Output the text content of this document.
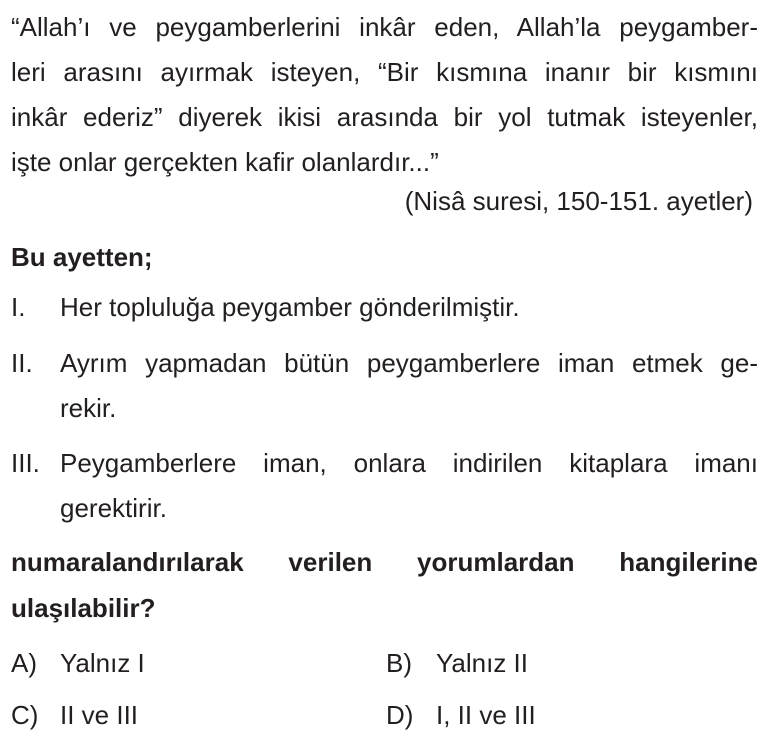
“Allah’ı ve peygamberlerini inkâr eden, Allah’la peygamber-
leri arasını ayırmak isteyen, “Bir kısmına inanır bir kısmını
inkâr ederiz” diyerek ikisi arasında bir yol tutmak isteyenler,
işte onlar gerçekten kafir olanlardır...”
(Nisâ suresi, 150-151. ayetler)
Bu ayetten;
I. Her topluluğa peygamber gönderilmiştir.
II. Ayrım yapmadan bütün peygamberlere iman etmek ge-
rekir.
III. Peygamberlere iman, onlara indirilen kitaplara imanı
gerektirir.
numaralandırılarak verilen yorumlardan hangilerine
ulaşılabilir?
A) Yalnız I	B) Yalnız II
C) II ve III	D) I, II ve III
